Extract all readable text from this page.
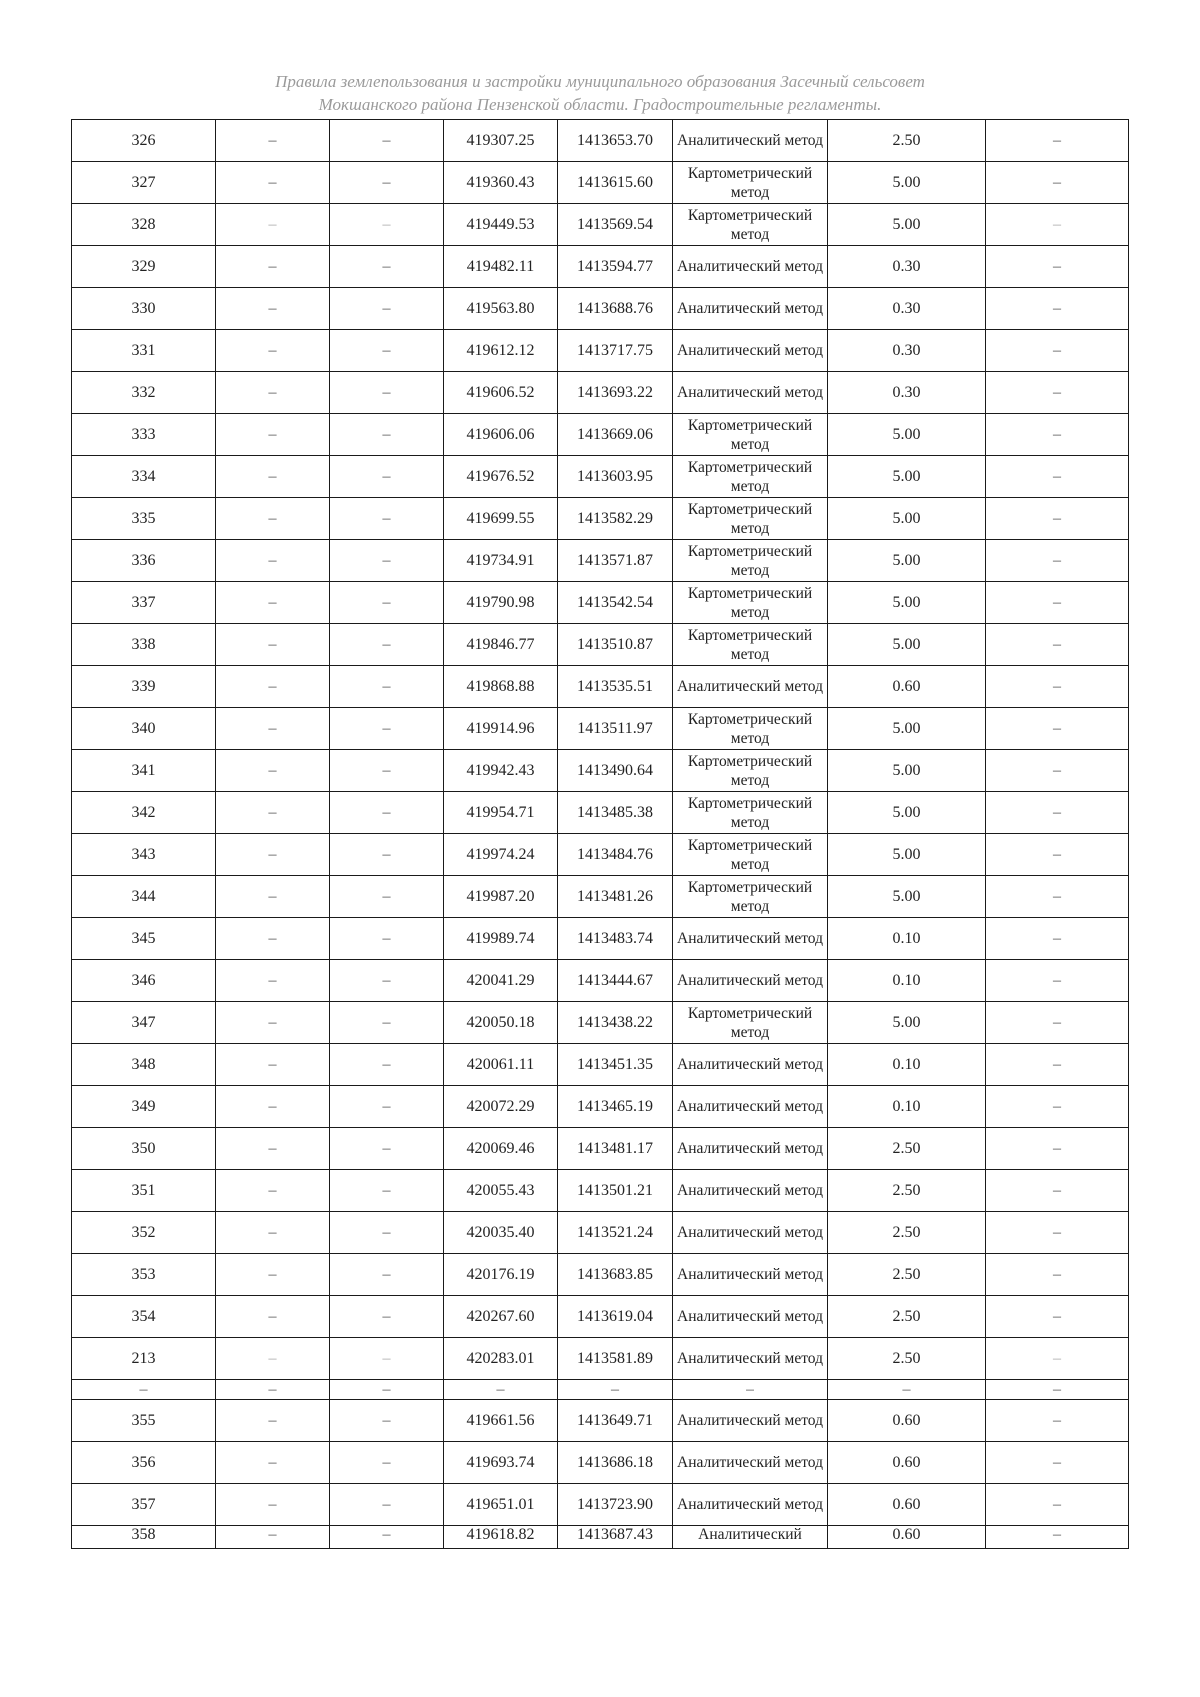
Правила землепользования и застройки муниципального образования Засечный сельсовет
Мокшанского района Пензенской области. Градостроительные регламенты.
326	–	–	419307.25	1413653.70	Аналитический метод	2.50	–
327	–	–	419360.43	1413615.60	Картометрический метод	5.00	–
328	–	–	419449.53	1413569.54	Картометрический метод	5.00	–
329	–	–	419482.11	1413594.77	Аналитический метод	0.30	–
330	–	–	419563.80	1413688.76	Аналитический метод	0.30	–
331	–	–	419612.12	1413717.75	Аналитический метод	0.30	–
332	–	–	419606.52	1413693.22	Аналитический метод	0.30	–
333	–	–	419606.06	1413669.06	Картометрический метод	5.00	–
334	–	–	419676.52	1413603.95	Картометрический метод	5.00	–
335	–	–	419699.55	1413582.29	Картометрический метод	5.00	–
336	–	–	419734.91	1413571.87	Картометрический метод	5.00	–
337	–	–	419790.98	1413542.54	Картометрический метод	5.00	–
338	–	–	419846.77	1413510.87	Картометрический метод	5.00	–
339	–	–	419868.88	1413535.51	Аналитический метод	0.60	–
340	–	–	419914.96	1413511.97	Картометрический метод	5.00	–
341	–	–	419942.43	1413490.64	Картометрический метод	5.00	–
342	–	–	419954.71	1413485.38	Картометрический метод	5.00	–
343	–	–	419974.24	1413484.76	Картометрический метод	5.00	–
344	–	–	419987.20	1413481.26	Картометрический метод	5.00	–
345	–	–	419989.74	1413483.74	Аналитический метод	0.10	–
346	–	–	420041.29	1413444.67	Аналитический метод	0.10	–
347	–	–	420050.18	1413438.22	Картометрический метод	5.00	–
348	–	–	420061.11	1413451.35	Аналитический метод	0.10	–
349	–	–	420072.29	1413465.19	Аналитический метод	0.10	–
350	–	–	420069.46	1413481.17	Аналитический метод	2.50	–
351	–	–	420055.43	1413501.21	Аналитический метод	2.50	–
352	–	–	420035.40	1413521.24	Аналитический метод	2.50	–
353	–	–	420176.19	1413683.85	Аналитический метод	2.50	–
354	–	–	420267.60	1413619.04	Аналитический метод	2.50	–
213	–	–	420283.01	1413581.89	Аналитический метод	2.50	–
–	–	–	–	–	–	–	–
355	–	–	419661.56	1413649.71	Аналитический метод	0.60	–
356	–	–	419693.74	1413686.18	Аналитический метод	0.60	–
357	–	–	419651.01	1413723.90	Аналитический метод	0.60	–
358	–	–	419618.82	1413687.43	Аналитический	0.60	–
